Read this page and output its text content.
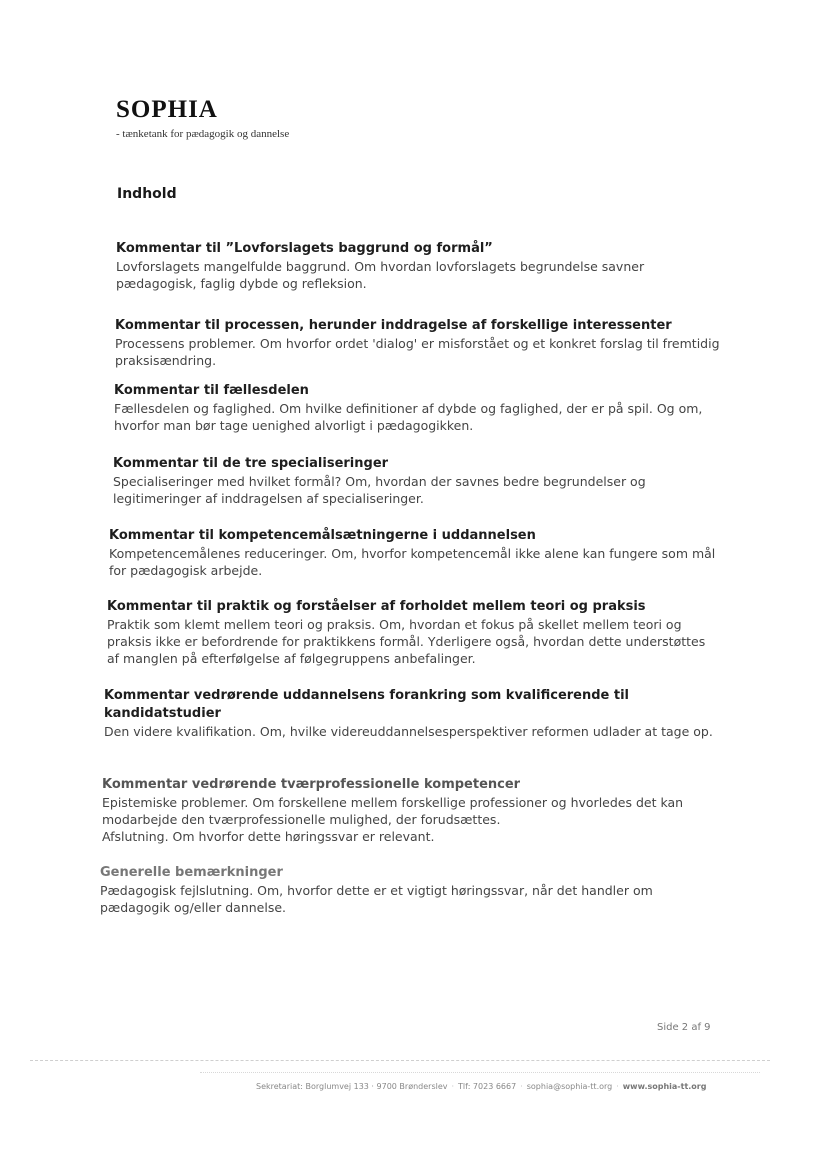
SOPHIA
- tænketank for pædagogik og dannelse
Indhold
Kommentar til ”Lovforslagets baggrund og formål”
Lovforslagets mangelfulde baggrund. Om hvordan lovforslagets begrundelse savner pædagogisk, faglig dybde og refleksion.
Kommentar til processen, herunder inddragelse af forskellige interessenter
Processens problemer. Om hvorfor ordet 'dialog' er misforstået og et konkret forslag til fremtidig praksisændring.
Kommentar til fællesdelen
Fællesdelen og faglighed. Om hvilke definitioner af dybde og faglighed, der er på spil. Og om, hvorfor man bør tage uenighed alvorligt i pædagogikken.
Kommentar til de tre specialiseringer
Specialiseringer med hvilket formål? Om, hvordan der savnes bedre begrundelser og legitimeringer af inddragelsen af specialiseringer.
Kommentar til kompetencemålsætningerne i uddannelsen
Kompetencemålenes reduceringer. Om, hvorfor kompetencemål ikke alene kan fungere som mål for pædagogisk arbejde.
Kommentar til praktik og forståelser af forholdet mellem teori og praksis
Praktik som klemt mellem teori og praksis. Om, hvordan et fokus på skellet mellem teori og praksis ikke er befordrende for praktikkens formål. Yderligere også, hvordan dette understøttes af manglen på efterfølgelse af følgegruppens anbefalinger.
Kommentar vedrørende uddannelsens forankring som kvalificerende til kandidatstudier
Den videre kvalifikation. Om, hvilke videreuddannelsesperspektiver reformen udlader at tage op.
Kommentar vedrørende tværprofessionelle kompetencer
Epistemiske problemer. Om forskellene mellem forskellige professioner og hvorledes det kan modarbejde den tværprofessionelle mulighed, der forudsættes.
Afslutning. Om hvorfor dette høringssvar er relevant.
Generelle bemærkninger
Pædagogisk fejlslutning. Om, hvorfor dette er et vigtigt høringssvar, når det handler om pædagogik og/eller dannelse.
Side 2 af 9
Sekretariat: Borglumvej 133 · 9700 Brønderslev · Tlf: 7023 6667 · sophia@sophia-tt.org · www.sophia-tt.org
